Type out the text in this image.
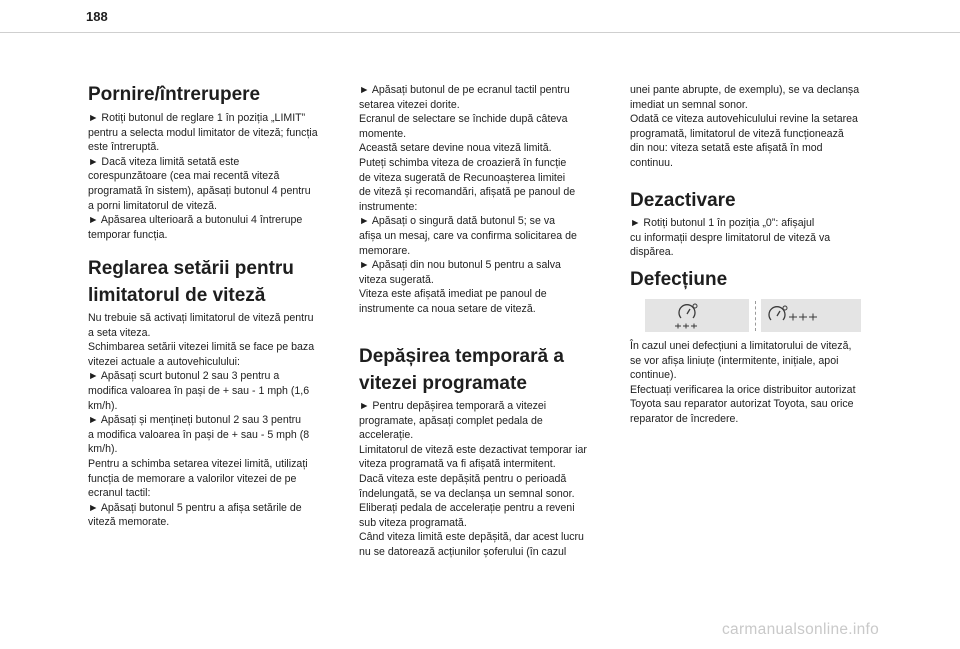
188
Pornire/întrerupere
► Rotiți butonul de reglare 1 în poziția „LIMIT”
pentru a selecta modul limitator de viteză; funcția
este întreruptă.
► Dacă viteza limită setată este
corespunzătoare (cea mai recentă viteză
programată în sistem), apăsați butonul 4 pentru
a porni limitatorul de viteză.
► Apăsarea ulterioară a butonului 4 întrerupe
temporar funcția.
Reglarea setării pentru
limitatorul de viteză
Nu trebuie să activați limitatorul de viteză pentru
a seta viteza.
Schimbarea setării vitezei limită se face pe baza
vitezei actuale a autovehiculului:
► Apăsați scurt butonul 2 sau 3 pentru a
modifica valoarea în pași de + sau - 1 mph (1,6
km/h).
► Apăsați și mențineți butonul 2 sau 3 pentru
a modifica valoarea în pași de + sau - 5 mph (8
km/h).
Pentru a schimba setarea vitezei limită, utilizați
funcția de memorare a valorilor vitezei de pe
ecranul tactil:
► Apăsați butonul 5 pentru a afișa setările de
viteză memorate.
► Apăsați butonul de pe ecranul tactil pentru
setarea vitezei dorite.
Ecranul de selectare se închide după câteva
momente.
Această setare devine noua viteză limită.
Puteți schimba viteza de croazieră în funcție
de viteza sugerată de Recunoașterea limitei
de viteză și recomandări, afișată pe panoul de
instrumente:
► Apăsați o singură dată butonul 5; se va
afișa un mesaj, care va confirma solicitarea de
memorare.
► Apăsați din nou butonul 5 pentru a salva
viteza sugerată.
Viteza este afișată imediat pe panoul de
instrumente ca noua setare de viteză.
Depășirea temporară a
vitezei programate
► Pentru depășirea temporară a vitezei
programate, apăsați complet pedala de
accelerație.
Limitatorul de viteză este dezactivat temporar iar
viteza programată va fi afișată intermitent.
Dacă viteza este depășită pentru o perioadă
îndelungată, se va declanșa un semnal sonor.
Eliberați pedala de accelerație pentru a reveni
sub viteza programată.
Când viteza limită este depășită, dar acest lucru
nu se datorează acțiunilor șoferului (în cazul
unei pante abrupte, de exemplu), se va declanșa
imediat un semnal sonor.
Odată ce viteza autovehiculului revine la setarea
programată, limitatorul de viteză funcționează
din nou: viteza setată este afișată în mod
continuu.
Dezactivare
► Rotiți butonul 1 în poziția „0”: afișajul
cu informații despre limitatorul de viteză va
dispărea.
Defecțiune
În cazul unei defecțiuni a limitatorului de viteză,
se vor afișa liniuțe (intermitente, inițiale, apoi
continue).
Efectuați verificarea la orice distribuitor autorizat
Toyota sau reparator autorizat Toyota, sau orice
reparator de încredere.
carmanualsonline.info
